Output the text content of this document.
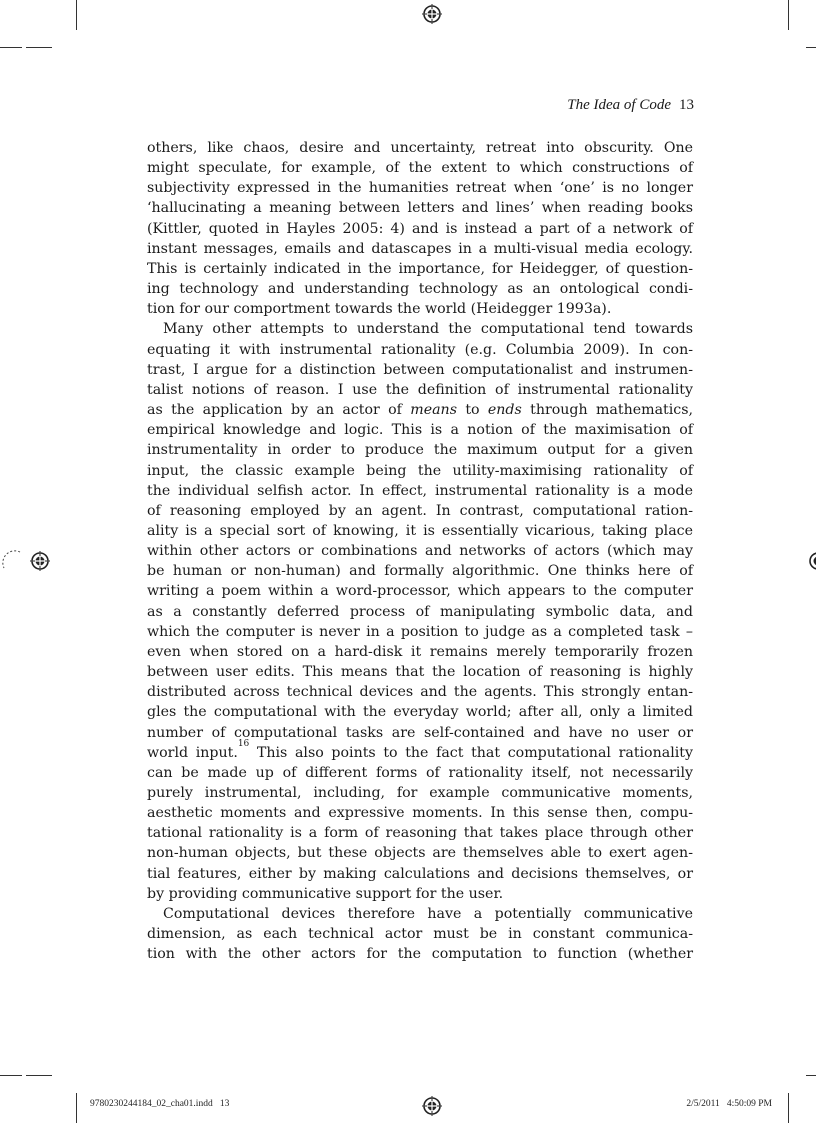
The Idea of Code 13
others, like chaos, desire and uncertainty, retreat into obscurity. One
might speculate, for example, of the extent to which constructions of
subjectivity expressed in the humanities retreat when ‘one’ is no longer
‘hallucinating a meaning between letters and lines’ when reading books
(Kittler, quoted in Hayles 2005: 4) and is instead a part of a network of
instant messages, emails and datascapes in a multi-visual media ecology.
This is certainly indicated in the importance, for Heidegger, of question-
ing technology and understanding technology as an ontological condi-
tion for our comportment towards the world (Heidegger 1993a).
Many other attempts to understand the computational tend towards
equating it with instrumental rationality (e.g. Columbia 2009). In con-
trast, I argue for a distinction between computationalist and instrumen-
talist notions of reason. I use the definition of instrumental rationality
as the application by an actor of means to ends through mathematics,
empirical knowledge and logic. This is a notion of the maximisation of
instrumentality in order to produce the maximum output for a given
input, the classic example being the utility-maximising rationality of
the individual selfish actor. In effect, instrumental rationality is a mode
of reasoning employed by an agent. In contrast, computational ration-
ality is a special sort of knowing, it is essentially vicarious, taking place
within other actors or combinations and networks of actors (which may
be human or non-human) and formally algorithmic. One thinks here of
writing a poem within a word-processor, which appears to the computer
as a constantly deferred process of manipulating symbolic data, and
which the computer is never in a position to judge as a completed task –
even when stored on a hard-disk it remains merely temporarily frozen
between user edits. This means that the location of reasoning is highly
distributed across technical devices and the agents. This strongly entan-
gles the computational with the everyday world; after all, only a limited
number of computational tasks are self-contained and have no user or
world input.$^{16}$ This also points to the fact that computational rationality
can be made up of different forms of rationality itself, not necessarily
purely instrumental, including, for example communicative moments,
aesthetic moments and expressive moments. In this sense then, compu-
tational rationality is a form of reasoning that takes place through other
non-human objects, but these objects are themselves able to exert agen-
tial features, either by making calculations and decisions themselves, or
by providing communicative support for the user.
Computational devices therefore have a potentially communicative
dimension, as each technical actor must be in constant communica-
tion with the other actors for the computation to function (whether
9780230244184_02_cha01.indd   13	2/5/2011   4:50:09 PM
